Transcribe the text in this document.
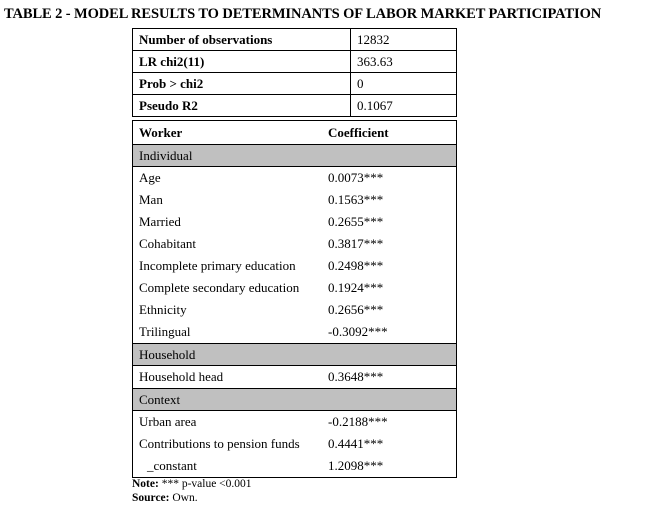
TABLE 2 - MODEL RESULTS TO DETERMINANTS OF LABOR MARKET PARTICIPATION
Number of observations	12832
LR chi2(11)	363.63
Prob > chi2	0
Pseudo R2	0.1067
Worker	Coefficient
Individual	
Age	0.0073***
Man	0.1563***
Married	0.2655***
Cohabitant	0.3817***
Incomplete primary education	0.2498***
Complete secondary education	0.1924***
Ethnicity	0.2656***
Trilingual	-0.3092***
Household	
Household head	0.3648***
Context	
Urban area	-0.2188***
Contributions to pension funds	0.4441***
_constant	1.2098***
Note: *** p-value <0.001
Source: Own.
